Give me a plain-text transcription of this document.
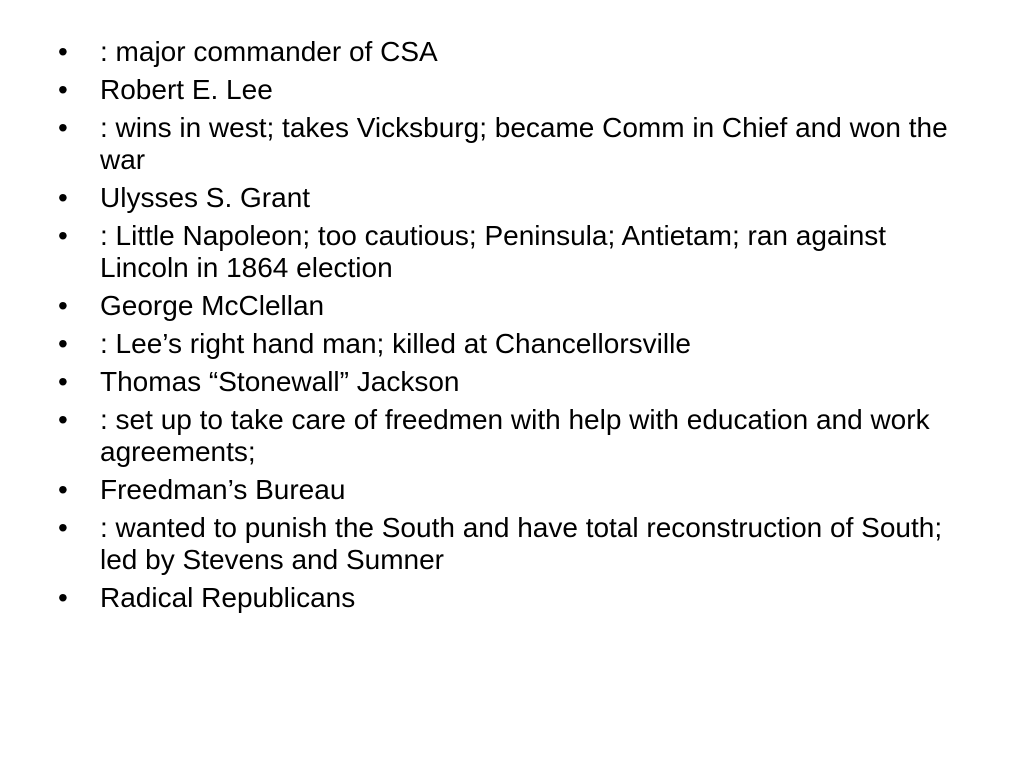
•	: major commander of CSA
•	Robert E. Lee
•	: wins in west; takes Vicksburg; became Comm in Chief and won the war
•	Ulysses S. Grant
•	: Little Napoleon; too cautious; Peninsula; Antietam; ran against Lincoln in 1864 election
•	George McClellan
•	: Lee’s right hand man; killed at Chancellorsville
•	Thomas “Stonewall” Jackson
•	: set up to take care of freedmen with help with education and work agreements;
•	Freedman’s Bureau
•	: wanted to punish the South and have total reconstruction of South; led by Stevens and Sumner
•	Radical Republicans
